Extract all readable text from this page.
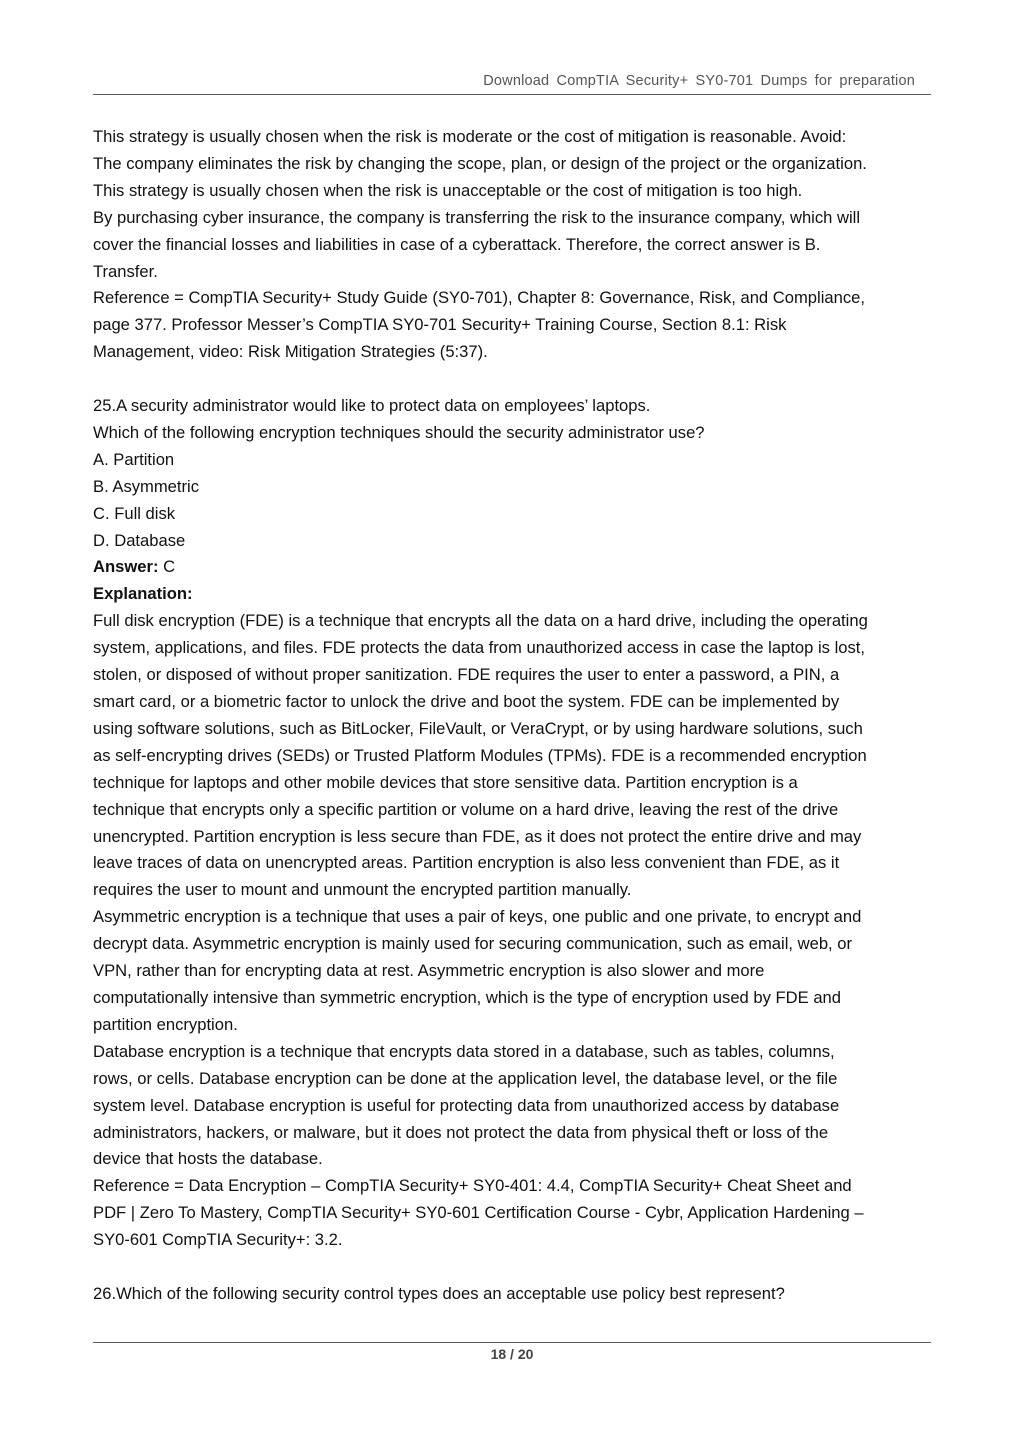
Download CompTIA Security+ SY0-701 Dumps for preparation

This strategy is usually chosen when the risk is moderate or the cost of mitigation is reasonable. Avoid:

The company eliminates the risk by changing the scope, plan, or design of the project or the organization.

This strategy is usually chosen when the risk is unacceptable or the cost of mitigation is too high.

By purchasing cyber insurance, the company is transferring the risk to the insurance company, which will

cover the financial losses and liabilities in case of a cyberattack. Therefore, the correct answer is B.

Transfer.

Reference = CompTIA Security+ Study Guide (SY0-701), Chapter 8: Governance, Risk, and Compliance,

page 377. Professor Messer’s CompTIA SY0-701 Security+ Training Course, Section 8.1: Risk

Management, video: Risk Mitigation Strategies (5:37).

25.A security administrator would like to protect data on employees’ laptops.

Which of the following encryption techniques should the security administrator use?

A. Partition

B. Asymmetric

C. Full disk

D. Database

Answer: C

Explanation:

Full disk encryption (FDE) is a technique that encrypts all the data on a hard drive, including the operating

system, applications, and files. FDE protects the data from unauthorized access in case the laptop is lost,

stolen, or disposed of without proper sanitization. FDE requires the user to enter a password, a PIN, a

smart card, or a biometric factor to unlock the drive and boot the system. FDE can be implemented by

using software solutions, such as BitLocker, FileVault, or VeraCrypt, or by using hardware solutions, such

as self-encrypting drives (SEDs) or Trusted Platform Modules (TPMs). FDE is a recommended encryption

technique for laptops and other mobile devices that store sensitive data. Partition encryption is a

technique that encrypts only a specific partition or volume on a hard drive, leaving the rest of the drive

unencrypted. Partition encryption is less secure than FDE, as it does not protect the entire drive and may

leave traces of data on unencrypted areas. Partition encryption is also less convenient than FDE, as it

requires the user to mount and unmount the encrypted partition manually.

Asymmetric encryption is a technique that uses a pair of keys, one public and one private, to encrypt and

decrypt data. Asymmetric encryption is mainly used for securing communication, such as email, web, or

VPN, rather than for encrypting data at rest. Asymmetric encryption is also slower and more

computationally intensive than symmetric encryption, which is the type of encryption used by FDE and

partition encryption.

Database encryption is a technique that encrypts data stored in a database, such as tables, columns,

rows, or cells. Database encryption can be done at the application level, the database level, or the file

system level. Database encryption is useful for protecting data from unauthorized access by database

administrators, hackers, or malware, but it does not protect the data from physical theft or loss of the

device that hosts the database.

Reference = Data Encryption – CompTIA Security+ SY0-401: 4.4, CompTIA Security+ Cheat Sheet and

PDF | Zero To Mastery, CompTIA Security+ SY0-601 Certification Course - Cybr, Application Hardening –

SY0-601 CompTIA Security+: 3.2.

26.Which of the following security control types does an acceptable use policy best represent?

18 / 20
